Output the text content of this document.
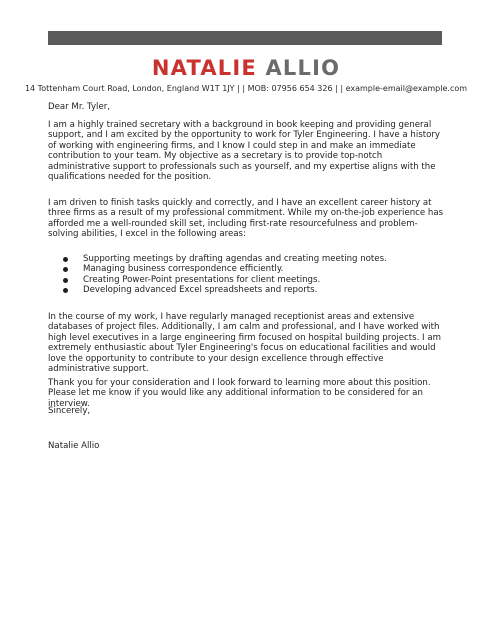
NATALIE ALLIO
14 Tottenham Court Road, London, England W1T 1JY | | MOB: 07956 654 326 | | example-email@example.com

Dear Mr. Tyler,

I am a highly trained secretary with a background in book keeping and providing general support, and I am excited by the opportunity to work for Tyler Engineering. I have a history of working with engineering firms, and I know I could step in and make an immediate contribution to your team. My objective as a secretary is to provide top-notch administrative support to professionals such as yourself, and my expertise aligns with the qualifications needed for the position.

I am driven to finish tasks quickly and correctly, and I have an excellent career history at three firms as a result of my professional commitment. While my on-the-job experience has afforded me a well-rounded skill set, including first-rate resourcefulness and problem-solving abilities, I excel in the following areas:

Supporting meetings by drafting agendas and creating meeting notes.
Managing business correspondence efficiently.
Creating Power-Point presentations for client meetings.
Developing advanced Excel spreadsheets and reports.

In the course of my work, I have regularly managed receptionist areas and extensive databases of project files. Additionally, I am calm and professional, and I have worked with high level executives in a large engineering firm focused on hospital building projects. I am extremely enthusiastic about Tyler Engineering's focus on educational facilities and would love the opportunity to contribute to your design excellence through effective administrative support.

Thank you for your consideration and I look forward to learning more about this position. Please let me know if you would like any additional information to be considered for an interview.

Sincerely,

Natalie Allio
